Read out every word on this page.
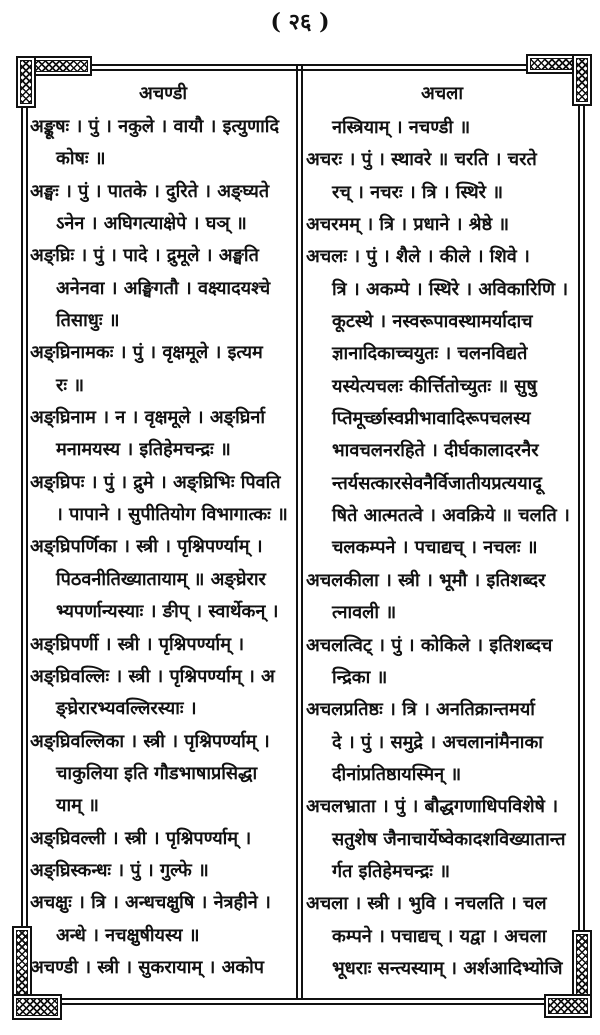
( २६ )
अचण्डी	अचला
अङ्कूषः । पुं । नकुले । वायौ । इत्युणादि
कोषः ॥
अङ्घः । पुं । पातके । दुरिते । अङ्घ्यते
ऽनेन । अघिगत्याक्षेपे । घञ् ॥
अङ्घ्रिः । पुं । पादे । द्रुमूले । अङ्घति
अनेनवा । अङ्घिगतौ । वक्ष्यादयश्चे
तिसाधुः ॥
अङ्घ्रिनामकः । पुं । वृक्षमूले । इत्यम
रः ॥
अङ्घ्रिनाम । न । वृक्षमूले । अङ्घ्रिर्ना
मनामयस्य । इतिहेमचन्द्रः ॥
अङ्घ्रिपः । पुं । द्रुमे । अङ्घ्रिभिः पिवति
। पापाने । सुपीतियोग विभागात्कः ॥
अङ्घ्रिपर्णिका । स्त्री । पृश्निपर्ण्याम् ।
पिठवनीतिख्यातायाम् ॥ अङ्घ्रेरार
भ्यपर्णान्यस्याः । ङीप् । स्वार्थेकन् ।
अङ्घ्रिपर्णी । स्त्री । पृश्निपर्ण्याम् ।
अङ्घ्रिवल्लिः । स्त्री । पृश्निपर्ण्याम् । अ
ङ्घ्रेरारभ्यवल्लिरस्याः ।
अङ्घ्रिवल्लिका । स्त्री । पृश्निपर्ण्याम् ।
चाकुलिया इति गौडभाषाप्रसिद्धा
याम् ॥
अङ्घ्रिवल्ली । स्त्री । पृश्निपर्ण्याम् ।
अङ्घ्रिस्कन्धः । पुं । गुल्फे ॥
अचक्षुः । त्रि । अन्धचक्षुषि । नेत्रहीने ।
अन्धे । नचक्षुषीयस्य ॥
अचण्डी । स्त्री । सुकरायाम् । अकोप
नस्त्रियाम् । नचण्डी ॥
अचरः । पुं । स्थावरे ॥ चरति । चरते
रच् । नचरः । त्रि । स्थिरे ॥
अचरमम् । त्रि । प्रधाने । श्रेष्ठे ॥
अचलः । पुं । शैले । कीले । शिवे ।
त्रि । अकम्पे । स्थिरे । अविकारिणि ।
कूटस्थे । नस्वरूपावस्थामर्यादाच
ज्ञानादिकाच्चयुतः । चलनविद्यते
यस्येत्यचलः कीर्त्तितोच्युतः ॥ सुषु
प्तिमूर्च्छास्वप्नीभावादिरूपचलस्य
भावचलनरहिते । दीर्घकालादरनैर
न्तर्यसत्कारसेवनैर्विजातीयप्रत्ययादू
षिते आत्मतत्वे । अवक्रिये ॥ चलति ।
चलकम्पने । पचाद्यच् । नचलः ॥
अचलकीला । स्त्री । भूमौ । इतिशब्दर
त्नावली ॥
अचलत्विट् । पुं । कोकिले । इतिशब्दच
न्द्रिका ॥
अचलप्रतिष्ठः । त्रि । अनतिक्रान्तमर्या
दे । पुं । समुद्रे । अचलानांमैनाका
दीनांप्रतिष्ठायस्मिन् ॥
अचलभ्राता । पुं । बौद्धगणाधिपविशेषे ।
सतुशेष जैनाचार्येष्वेकादशविख्यातान्त
र्गत इतिहेमचन्द्रः ॥
अचला । स्त्री । भुवि । नचलति । चल
कम्पने । पचाद्यच् । यद्वा । अचला
भूधराः सन्त्यस्याम् । अर्शआदिभ्योजि
